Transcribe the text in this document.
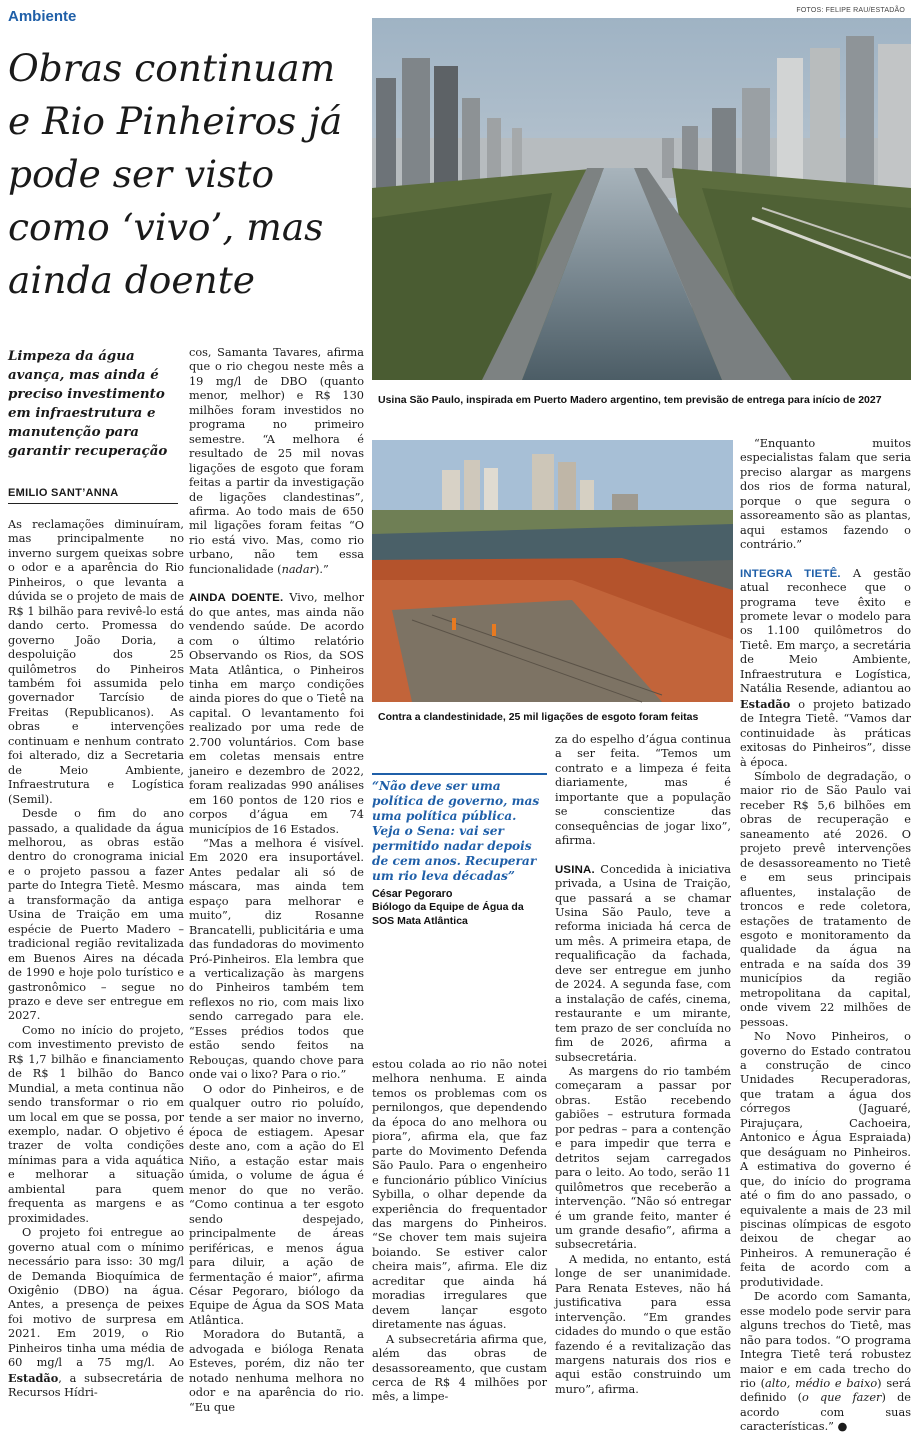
Ambiente	FOTOS: FELIPE RAU/ESTADÃO
Obras continuam e Rio Pinheiros já pode ser visto como ‘vivo’, mas ainda doente
Limpeza da água avança, mas ainda é preciso investimento em infraestrutura e manutenção para garantir recuperação
EMILIO SANT’ANNA
Usina São Paulo, inspirada em Puerto Madero argentino, tem previsão de entrega para início de 2027
Contra a clandestinidade, 25 mil ligações de esgoto foram feitas
“Não deve ser uma política de governo, mas uma política pública. Veja o Sena: vai ser permitido nadar depois de cem anos. Recuperar um rio leva décadas”
César Pegoraro
Biólogo da Equipe de Água da SOS Mata Atlântica

As reclamações diminuíram, mas principalmente no inverno surgem queixas sobre o odor e a aparência do Rio Pinheiros, o que levanta a dúvida se o projeto de mais de R$ 1 bilhão para revivê-lo está dando certo. Promessa do governo João Doria, a despoluição dos 25 quilômetros do Pinheiros também foi assumida pelo governador Tarcísio de Freitas (Republicanos). As obras e intervenções continuam e nenhum contrato foi alterado, diz a Secretaria de Meio Ambiente, Infraestrutura e Logística (Semil).

Desde o fim do ano passado, a qualidade da água melhorou, as obras estão dentro do cronograma inicial e o projeto passou a fazer parte do Integra Tietê. Mesmo a transformação da antiga Usina de Traição em uma espécie de Puerto Madero – tradicional região revitalizada em Buenos Aires na década de 1990 e hoje polo turístico e gastronômico – segue no prazo e deve ser entregue em 2027.

Como no início do projeto, com investimento previsto de R$ 1,7 bilhão e financiamento de R$ 1 bilhão do Banco Mundial, a meta continua não sendo transformar o rio em um local em que se possa, por exemplo, nadar. O objetivo é trazer de volta condições mínimas para a vida aquática e melhorar a situação ambiental para quem frequenta as margens e as proximidades.

O projeto foi entregue ao governo atual com o mínimo necessário para isso: 30 mg/l de Demanda Bioquímica de Oxigênio (DBO) na água. Antes, a presença de peixes foi motivo de surpresa em 2021. Em 2019, o Rio Pinheiros tinha uma média de 60 mg/l a 75 mg/l. Ao Estadão, a subsecretária de Recursos Hídri-

cos, Samanta Tavares, afirma que o rio chegou neste mês a 19 mg/l de DBO (quanto menor, melhor) e R$ 130 milhões foram investidos no programa no primeiro semestre. “A melhora é resultado de 25 mil novas ligações de esgoto que foram feitas a partir da investigação de ligações clandestinas”, afirma. Ao todo mais de 650 mil ligações foram feitas “O rio está vivo. Mas, como rio urbano, não tem essa funcionalidade (nadar).”

AINDA DOENTE. Vivo, melhor do que antes, mas ainda não vendendo saúde. De acordo com o último relatório Observando os Rios, da SOS Mata Atlântica, o Pinheiros tinha em março condições ainda piores do que o Tietê na capital. O levantamento foi realizado por uma rede de 2.700 voluntários. Com base em coletas mensais entre janeiro e dezembro de 2022, foram realizadas 990 análises em 160 pontos de 120 rios e corpos d’água em 74 municípios de 16 Estados.

“Mas a melhora é visível. Em 2020 era insuportável. Antes pedalar ali só de máscara, mas ainda tem espaço para melhorar e muito”, diz Rosanne Brancatelli, publicitária e uma das fundadoras do movimento Pró-Pinheiros. Ela lembra que a verticalização às margens do Pinheiros também tem reflexos no rio, com mais lixo sendo carregado para ele. “Esses prédios todos que estão sendo feitos na Rebouças, quando chove para onde vai o lixo? Para o rio.”

O odor do Pinheiros, e de qualquer outro rio poluído, tende a ser maior no inverno, época de estiagem. Apesar deste ano, com a ação do El Niño, a estação estar mais úmida, o volume de água é menor do que no verão. “Como continua a ter esgoto sendo despejado, principalmente de áreas periféricas, e menos água para diluir, a ação de fermentação é maior”, afirma César Pegoraro, biólogo da Equipe de Água da SOS Mata Atlântica.

Moradora do Butantã, a advogada e bióloga Renata Esteves, porém, diz não ter notado nenhuma melhora no odor e na aparência do rio. “Eu que

estou colada ao rio não notei melhora nenhuma. E ainda temos os problemas com os pernilongos, que dependendo da época do ano melhora ou piora”, afirma ela, que faz parte do Movimento Defenda São Paulo. Para o engenheiro e funcionário público Vinícius Sybilla, o olhar depende da experiência do frequentador das margens do Pinheiros. “Se chover tem mais sujeira boiando. Se estiver calor cheira mais”, afirma. Ele diz acreditar que ainda há moradias irregulares que devem lançar esgoto diretamente nas águas.

A subsecretária afirma que, além das obras de desassoreamento, que custam cerca de R$ 4 milhões por mês, a limpe-

za do espelho d’água continua a ser feita. “Temos um contrato e a limpeza é feita diariamente, mas é importante que a população se conscientize das consequências de jogar lixo”, afirma.

USINA. Concedida à iniciativa privada, a Usina de Traição, que passará a se chamar Usina São Paulo, teve a reforma iniciada há cerca de um mês. A primeira etapa, de requalificação da fachada, deve ser entregue em junho de 2024. A segunda fase, com a instalação de cafés, cinema, restaurante e um mirante, tem prazo de ser concluída no fim de 2026, afirma a subsecretária.

As margens do rio também começaram a passar por obras. Estão recebendo gabiões – estrutura formada por pedras – para a contenção e para impedir que terra e detritos sejam carregados para o leito. Ao todo, serão 11 quilômetros que receberão a intervenção. “Não só entregar é um grande feito, manter é um grande desafio”, afirma a subsecretária.

A medida, no entanto, está longe de ser unanimidade. Para Renata Esteves, não há justificativa para essa intervenção. “Em grandes cidades do mundo o que estão fazendo é a revitalização das margens naturais dos rios e aqui estão construindo um muro”, afirma.

“Enquanto muitos especialistas falam que seria preciso alargar as margens dos rios de forma natural, porque o que segura o assoreamento são as plantas, aqui estamos fazendo o contrário.”

INTEGRA TIETÊ. A gestão atual reconhece que o programa teve êxito e promete levar o modelo para os 1.100 quilômetros do Tietê. Em março, a secretária de Meio Ambiente, Infraestrutura e Logística, Natália Resende, adiantou ao Estadão o projeto batizado de Integra Tietê. “Vamos dar continuidade às práticas exitosas do Pinheiros”, disse à época.

Símbolo de degradação, o maior rio de São Paulo vai receber R$ 5,6 bilhões em obras de recuperação e saneamento até 2026. O projeto prevê intervenções de desassoreamento no Tietê e em seus principais afluentes, instalação de troncos e rede coletora, estações de tratamento de esgoto e monitoramento da qualidade da água na entrada e na saída dos 39 municípios da região metropolitana da capital, onde vivem 22 milhões de pessoas.

No Novo Pinheiros, o governo do Estado contratou a construção de cinco Unidades Recuperadoras, que tratam a água dos córregos (Jaguaré, Pirajuçara, Cachoeira, Antonico e Água Espraiada) que deságuam no Pinheiros. A estimativa do governo é que, do início do programa até o fim do ano passado, o equivalente a mais de 23 mil piscinas olímpicas de esgoto deixou de chegar ao Pinheiros. A remuneração é feita de acordo com a produtividade.

De acordo com Samanta, esse modelo pode servir para alguns trechos do Tietê, mas não para todos. “O programa Integra Tietê terá robustez maior e em cada trecho do rio (alto, médio e baixo) será definido (o que fazer) de acordo com suas características.” ●
